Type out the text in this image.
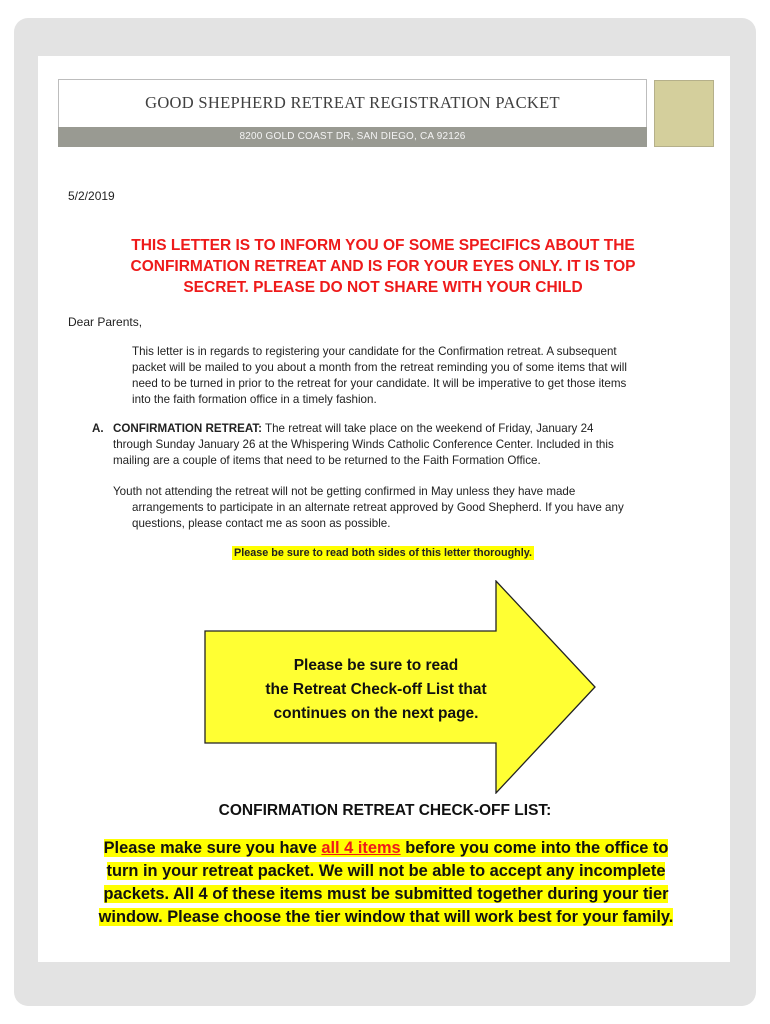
GOOD SHEPHERD RETREAT REGISTRATION PACKET
8200 GOLD COAST DR, SAN DIEGO, CA 92126
5/2/2019
THIS LETTER IS TO INFORM YOU OF SOME SPECIFICS ABOUT THE
CONFIRMATION RETREAT AND IS FOR YOUR EYES ONLY. IT IS TOP
SECRET. PLEASE DO NOT SHARE WITH YOUR CHILD
Dear Parents,
This letter is in regards to registering your candidate for the Confirmation retreat. A subsequent
packet will be mailed to you about a month from the retreat reminding you of some items that will
need to be turned in prior to the retreat for your candidate. It will be imperative to get those items
into the faith formation office in a timely fashion.
A. CONFIRMATION RETREAT: The retreat will take place on the weekend of Friday, January 24
through Sunday January 26 at the Whispering Winds Catholic Conference Center. Included in this
mailing are a couple of items that need to be returned to the Faith Formation Office.
Youth not attending the retreat will not be getting confirmed in May unless they have made
arrangements to participate in an alternate retreat approved by Good Shepherd. If you have any
questions, please contact me as soon as possible.
Please be sure to read both sides of this letter thoroughly.
Please be sure to read
the Retreat Check-off List that
continues on the next page.
CONFIRMATION RETREAT CHECK-OFF LIST:
Please make sure you have all 4 items before you come into the office to
turn in your retreat packet. We will not be able to accept any incomplete
packets. All 4 of these items must be submitted together during your tier
window. Please choose the tier window that will work best for your family.
